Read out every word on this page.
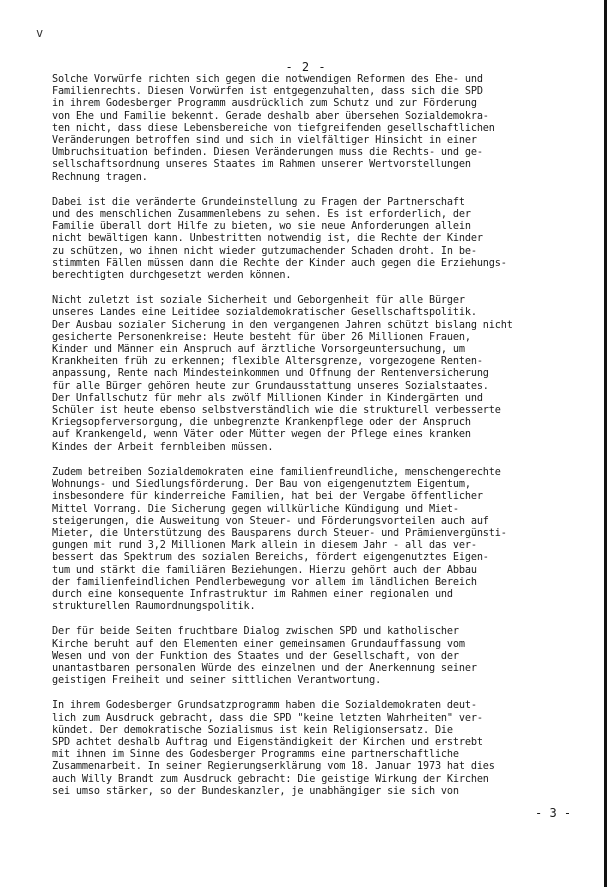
v
- 2 -
Solche Vorwürfe richten sich gegen die notwendigen Reformen des Ehe- und
Familienrechts. Diesen Vorwürfen ist entgegenzuhalten, dass sich die SPD
in ihrem Godesberger Programm ausdrücklich zum Schutz und zur Förderung
von Ehe und Familie bekennt. Gerade deshalb aber übersehen Sozialdemokra-
ten nicht, dass diese Lebensbereiche von tiefgreifenden gesellschaftlichen
Veränderungen betroffen sind und sich in vielfältiger Hinsicht in einer
Umbruchsituation befinden. Diesen Veränderungen muss die Rechts- und ge-
sellschaftsordnung unseres Staates im Rahmen unserer Wertvorstellungen
Rechnung tragen.
Dabei ist die veränderte Grundeinstellung zu Fragen der Partnerschaft
und des menschlichen Zusammenlebens zu sehen. Es ist erforderlich, der
Familie überall dort Hilfe zu bieten, wo sie neue Anforderungen allein
nicht bewältigen kann. Unbestritten notwendig ist, die Rechte der Kinder
zu schützen, wo ihnen nicht wieder gutzumachender Schaden droht. In be-
stimmten Fällen müssen dann die Rechte der Kinder auch gegen die Erziehungs-
berechtigten durchgesetzt werden können.
Nicht zuletzt ist soziale Sicherheit und Geborgenheit für alle Bürger
unseres Landes eine Leitidee sozialdemokratischer Gesellschaftspolitik.
Der Ausbau sozialer Sicherung in den vergangenen Jahren schützt bislang nicht
gesicherte Personenkreise: Heute besteht für über 26 Millionen Frauen,
Kinder und Männer ein Anspruch auf ärztliche Vorsorgeuntersuchung, um
Krankheiten früh zu erkennen; flexible Altersgrenze, vorgezogene Renten-
anpassung, Rente nach Mindesteinkommen und Öffnung der Rentenversicherung
für alle Bürger gehören heute zur Grundausstattung unseres Sozialstaates.
Der Unfallschutz für mehr als zwölf Millionen Kinder in Kindergärten und
Schüler ist heute ebenso selbstverständlich wie die strukturell verbesserte
Kriegsopferversorgung, die unbegrenzte Krankenpflege oder der Anspruch
auf Krankengeld, wenn Väter oder Mütter wegen der Pflege eines kranken
Kindes der Arbeit fernbleiben müssen.
Zudem betreiben Sozialdemokraten eine familienfreundliche, menschengerechte
Wohnungs- und Siedlungsförderung. Der Bau von eigengenutztem Eigentum,
insbesondere für kinderreiche Familien, hat bei der Vergabe öffentlicher
Mittel Vorrang. Die Sicherung gegen willkürliche Kündigung und Miet-
steigerungen, die Ausweitung von Steuer- und Förderungsvorteilen auch auf
Mieter, die Unterstützung des Bausparens durch Steuer- und Prämienvergünsti-
gungen mit rund 3,2 Millionen Mark allein in diesem Jahr - all das ver-
bessert das Spektrum des sozialen Bereichs, fördert eigengenutztes Eigen-
tum und stärkt die familiären Beziehungen. Hierzu gehört auch der Abbau
der familienfeindlichen Pendlerbewegung vor allem im ländlichen Bereich
durch eine konsequente Infrastruktur im Rahmen einer regionalen und
strukturellen Raumordnungspolitik.
Der für beide Seiten fruchtbare Dialog zwischen SPD und katholischer
Kirche beruht auf den Elementen einer gemeinsamen Grundauffassung vom
Wesen und von der Funktion des Staates und der Gesellschaft, von der
unantastbaren personalen Würde des einzelnen und der Anerkennung seiner
geistigen Freiheit und seiner sittlichen Verantwortung.
In ihrem Godesberger Grundsatzprogramm haben die Sozialdemokraten deut-
lich zum Ausdruck gebracht, dass die SPD "keine letzten Wahrheiten" ver-
kündet. Der demokratische Sozialismus ist kein Religionsersatz. Die
SPD achtet deshalb Auftrag und Eigenständigkeit der Kirchen und erstrebt
mit ihnen im Sinne des Godesberger Programms eine partnerschaftliche
Zusammenarbeit. In seiner Regierungserklärung vom 18. Januar 1973 hat dies
auch Willy Brandt zum Ausdruck gebracht: Die geistige Wirkung der Kirchen
sei umso stärker, so der Bundeskanzler, je unabhängiger sie sich von
- 3 -
